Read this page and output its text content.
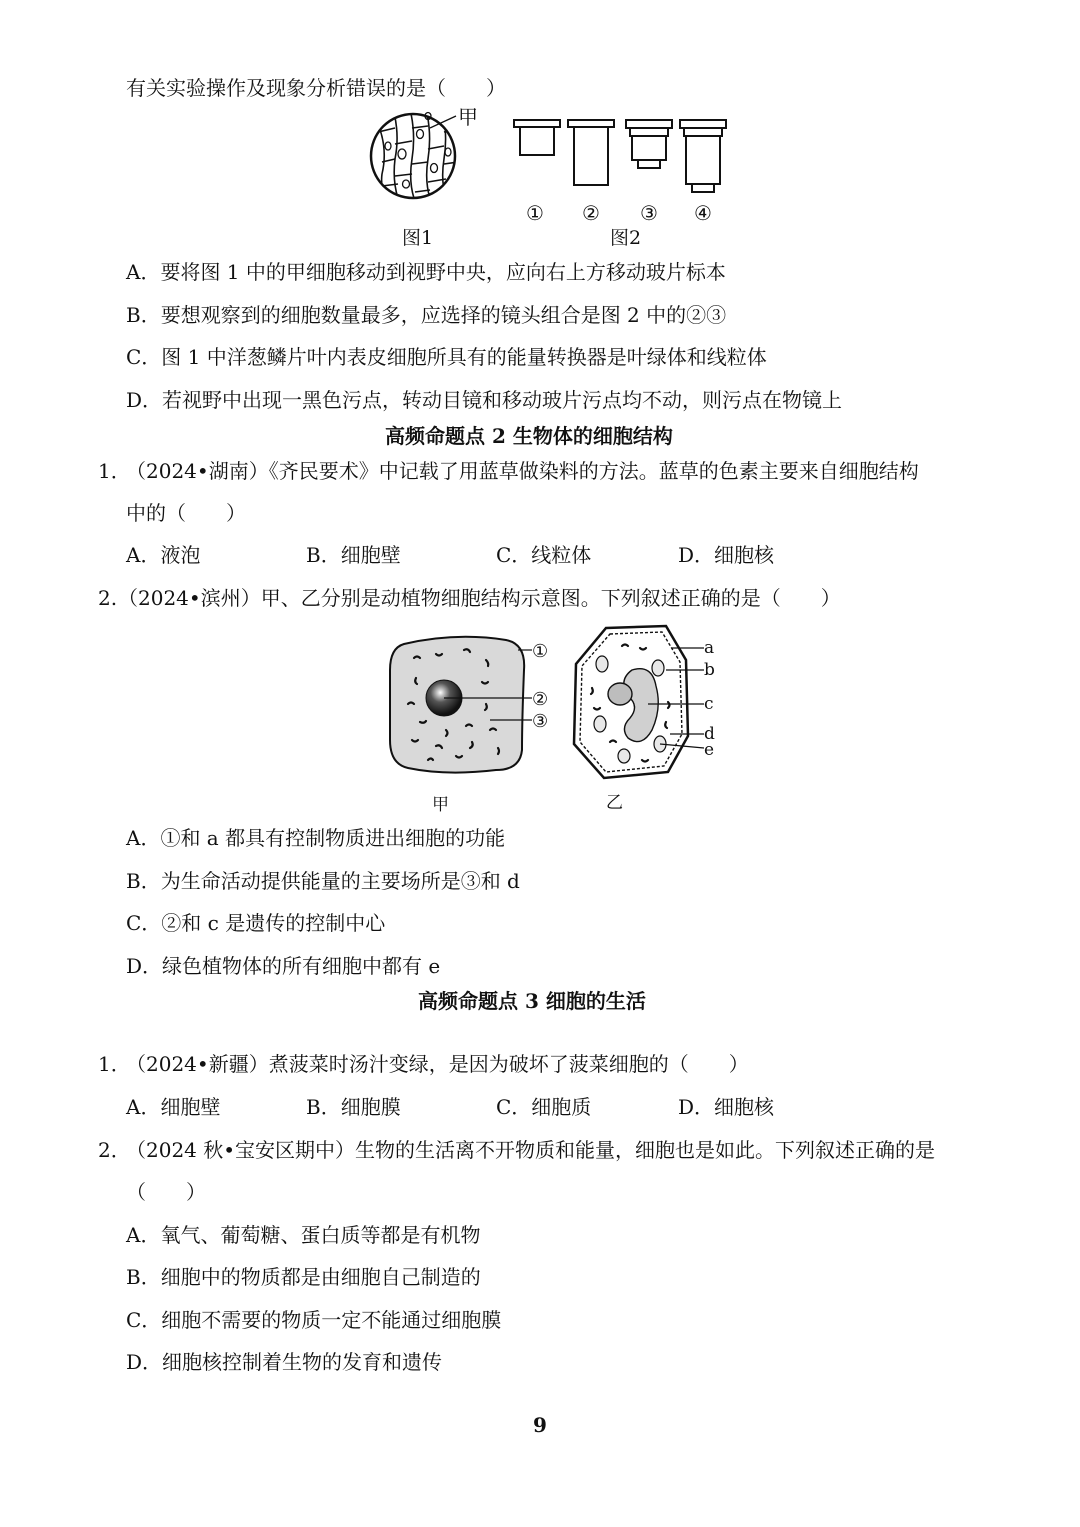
有关实验操作及现象分析错误的是（　　）
甲
图1
① ② ③ ④
图2
A．要将图 1 中的甲细胞移动到视野中央，应向右上方移动玻片标本
B．要想观察到的细胞数量最多，应选择的镜头组合是图 2 中的②③
C．图 1 中洋葱鳞片叶内表皮细胞所具有的能量转换器是叶绿体和线粒体
D．若视野中出现一黑色污点，转动目镜和移动玻片污点均不动，则污点在物镜上
高频命题点 2 生物体的细胞结构
1．
（2024•湖南）《齐民要术》中记载了用蓝草做染料的方法。蓝草的色素主要来自细胞结构
中的（　　）
A．液泡	B．细胞壁	C．线粒体	D．细胞核
2. （2024•滨州）甲、乙分别是动植物细胞结构示意图。下列叙述正确的是（　　）
①
②
③
甲
a
b
c
d
e
乙
A．①和 a 都具有控制物质进出细胞的功能
B．为生命活动提供能量的主要场所是③和 d
C．②和 c 是遗传的控制中心
D．绿色植物体的所有细胞中都有 e
高频命题点 3 细胞的生活
1．
（2024•新疆）煮菠菜时汤汁变绿，是因为破坏了菠菜细胞的（　　）
A．细胞壁	B．细胞膜	C．细胞质	D．细胞核
2．
（2024 秋•宝安区期中）生物的生活离不开物质和能量，细胞也是如此。下列叙述正确的是
（　　）
A．氧气、葡萄糖、蛋白质等都是有机物
B．细胞中的物质都是由细胞自己制造的
C．细胞不需要的物质一定不能通过细胞膜
D．细胞核控制着生物的发育和遗传
9
